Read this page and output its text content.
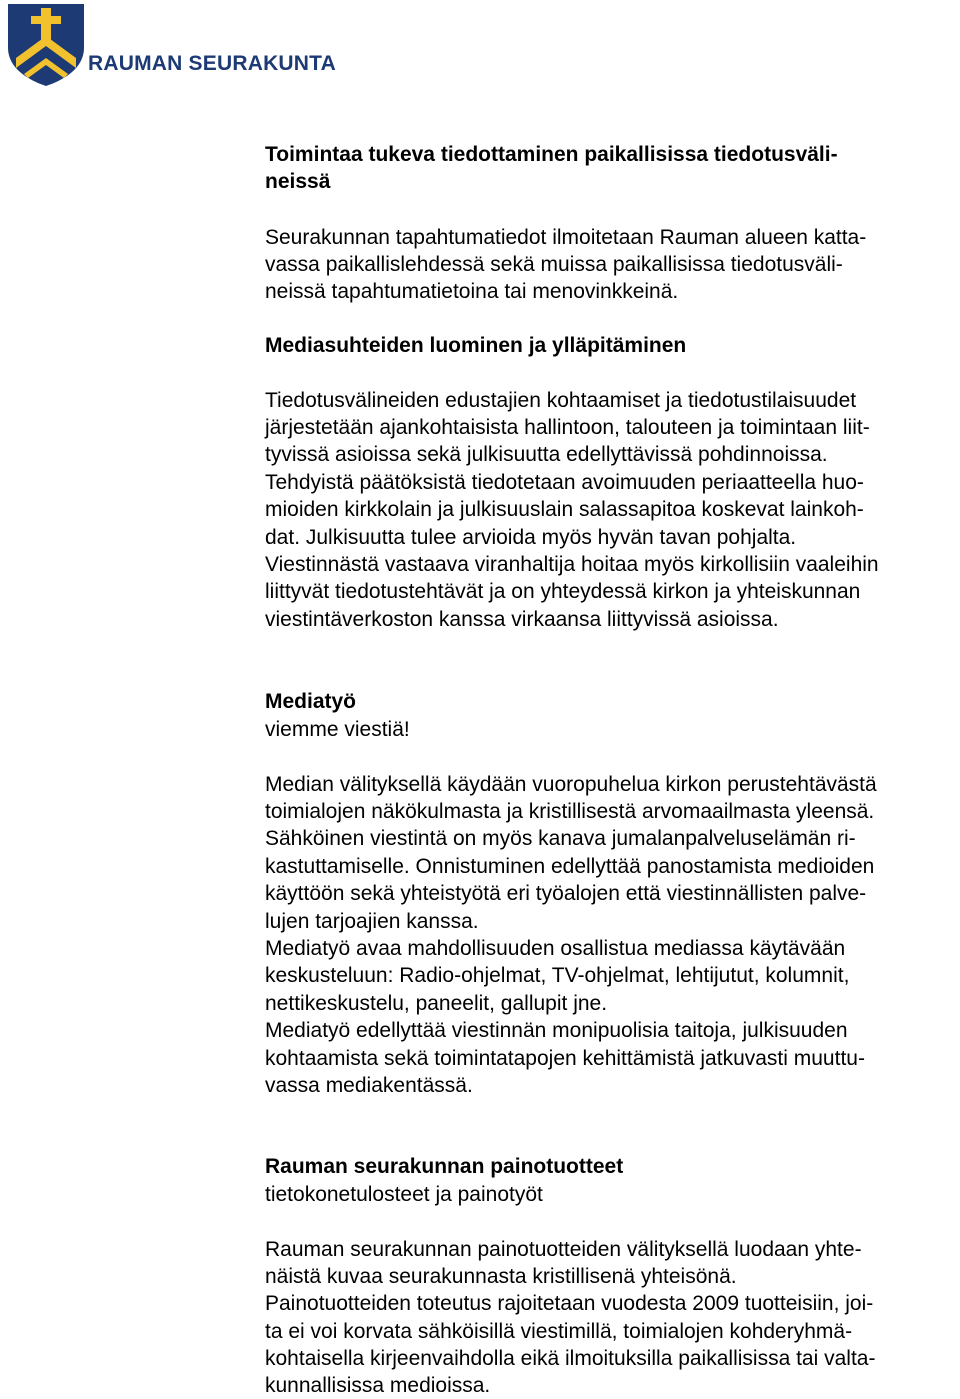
RAUMAN SEURAKUNTA
Toimintaa tukeva tiedottaminen paikallisissa tiedotusväli-
neissä
Seurakunnan tapahtumatiedot ilmoitetaan Rauman alueen katta-
vassa paikallislehdessä sekä muissa paikallisissa tiedotusväli-
neissä tapahtumatietoina tai menovinkkeinä.
Mediasuhteiden luominen ja ylläpitäminen
Tiedotusvälineiden edustajien kohtaamiset ja tiedotustilaisuudet
järjestetään ajankohtaisista hallintoon, talouteen ja toimintaan liit-
tyvissä asioissa sekä julkisuutta edellyttävissä pohdinnoissa.
Tehdyistä päätöksistä tiedotetaan avoimuuden periaatteella huo-
mioiden kirkkolain ja julkisuuslain salassapitoa koskevat lainkoh-
dat. Julkisuutta tulee arvioida myös hyvän tavan pohjalta.
Viestinnästä vastaava viranhaltija hoitaa myös kirkollisiin vaaleihin
liittyvät tiedotustehtävät ja on yhteydessä kirkon ja yhteiskunnan
viestintäverkoston kanssa virkaansa liittyvissä asioissa.
Mediatyö
viemme viestiä!
Median välityksellä käydään vuoropuhelua kirkon perustehtävästä
toimialojen näkökulmasta ja kristillisestä arvomaailmasta yleensä.
Sähköinen viestintä on myös kanava jumalanpalveluselämän ri-
kastuttamiselle. Onnistuminen edellyttää panostamista medioiden
käyttöön sekä yhteistyötä eri työalojen että viestinnällisten palve-
lujen tarjoajien kanssa.
Mediatyö avaa mahdollisuuden osallistua mediassa käytävään
keskusteluun: Radio-ohjelmat, TV-ohjelmat, lehtijutut, kolumnit,
nettikeskustelu, paneelit, gallupit jne.
Mediatyö edellyttää viestinnän monipuolisia taitoja, julkisuuden
kohtaamista sekä toimintatapojen kehittämistä jatkuvasti muuttu-
vassa mediakentässä.
Rauman seurakunnan painotuotteet
tietokonetulosteet ja painotyöt
Rauman seurakunnan painotuotteiden välityksellä luodaan yhte-
näistä kuvaa seurakunnasta kristillisenä yhteisönä.
Painotuotteiden toteutus rajoitetaan vuodesta 2009 tuotteisiin, joi-
ta ei voi korvata sähköisillä viestimillä, toimialojen kohderyhmä-
kohtaisella kirjeenvaihdolla eikä ilmoituksilla paikallisissa tai valta-
kunnallisissa medioissa.
